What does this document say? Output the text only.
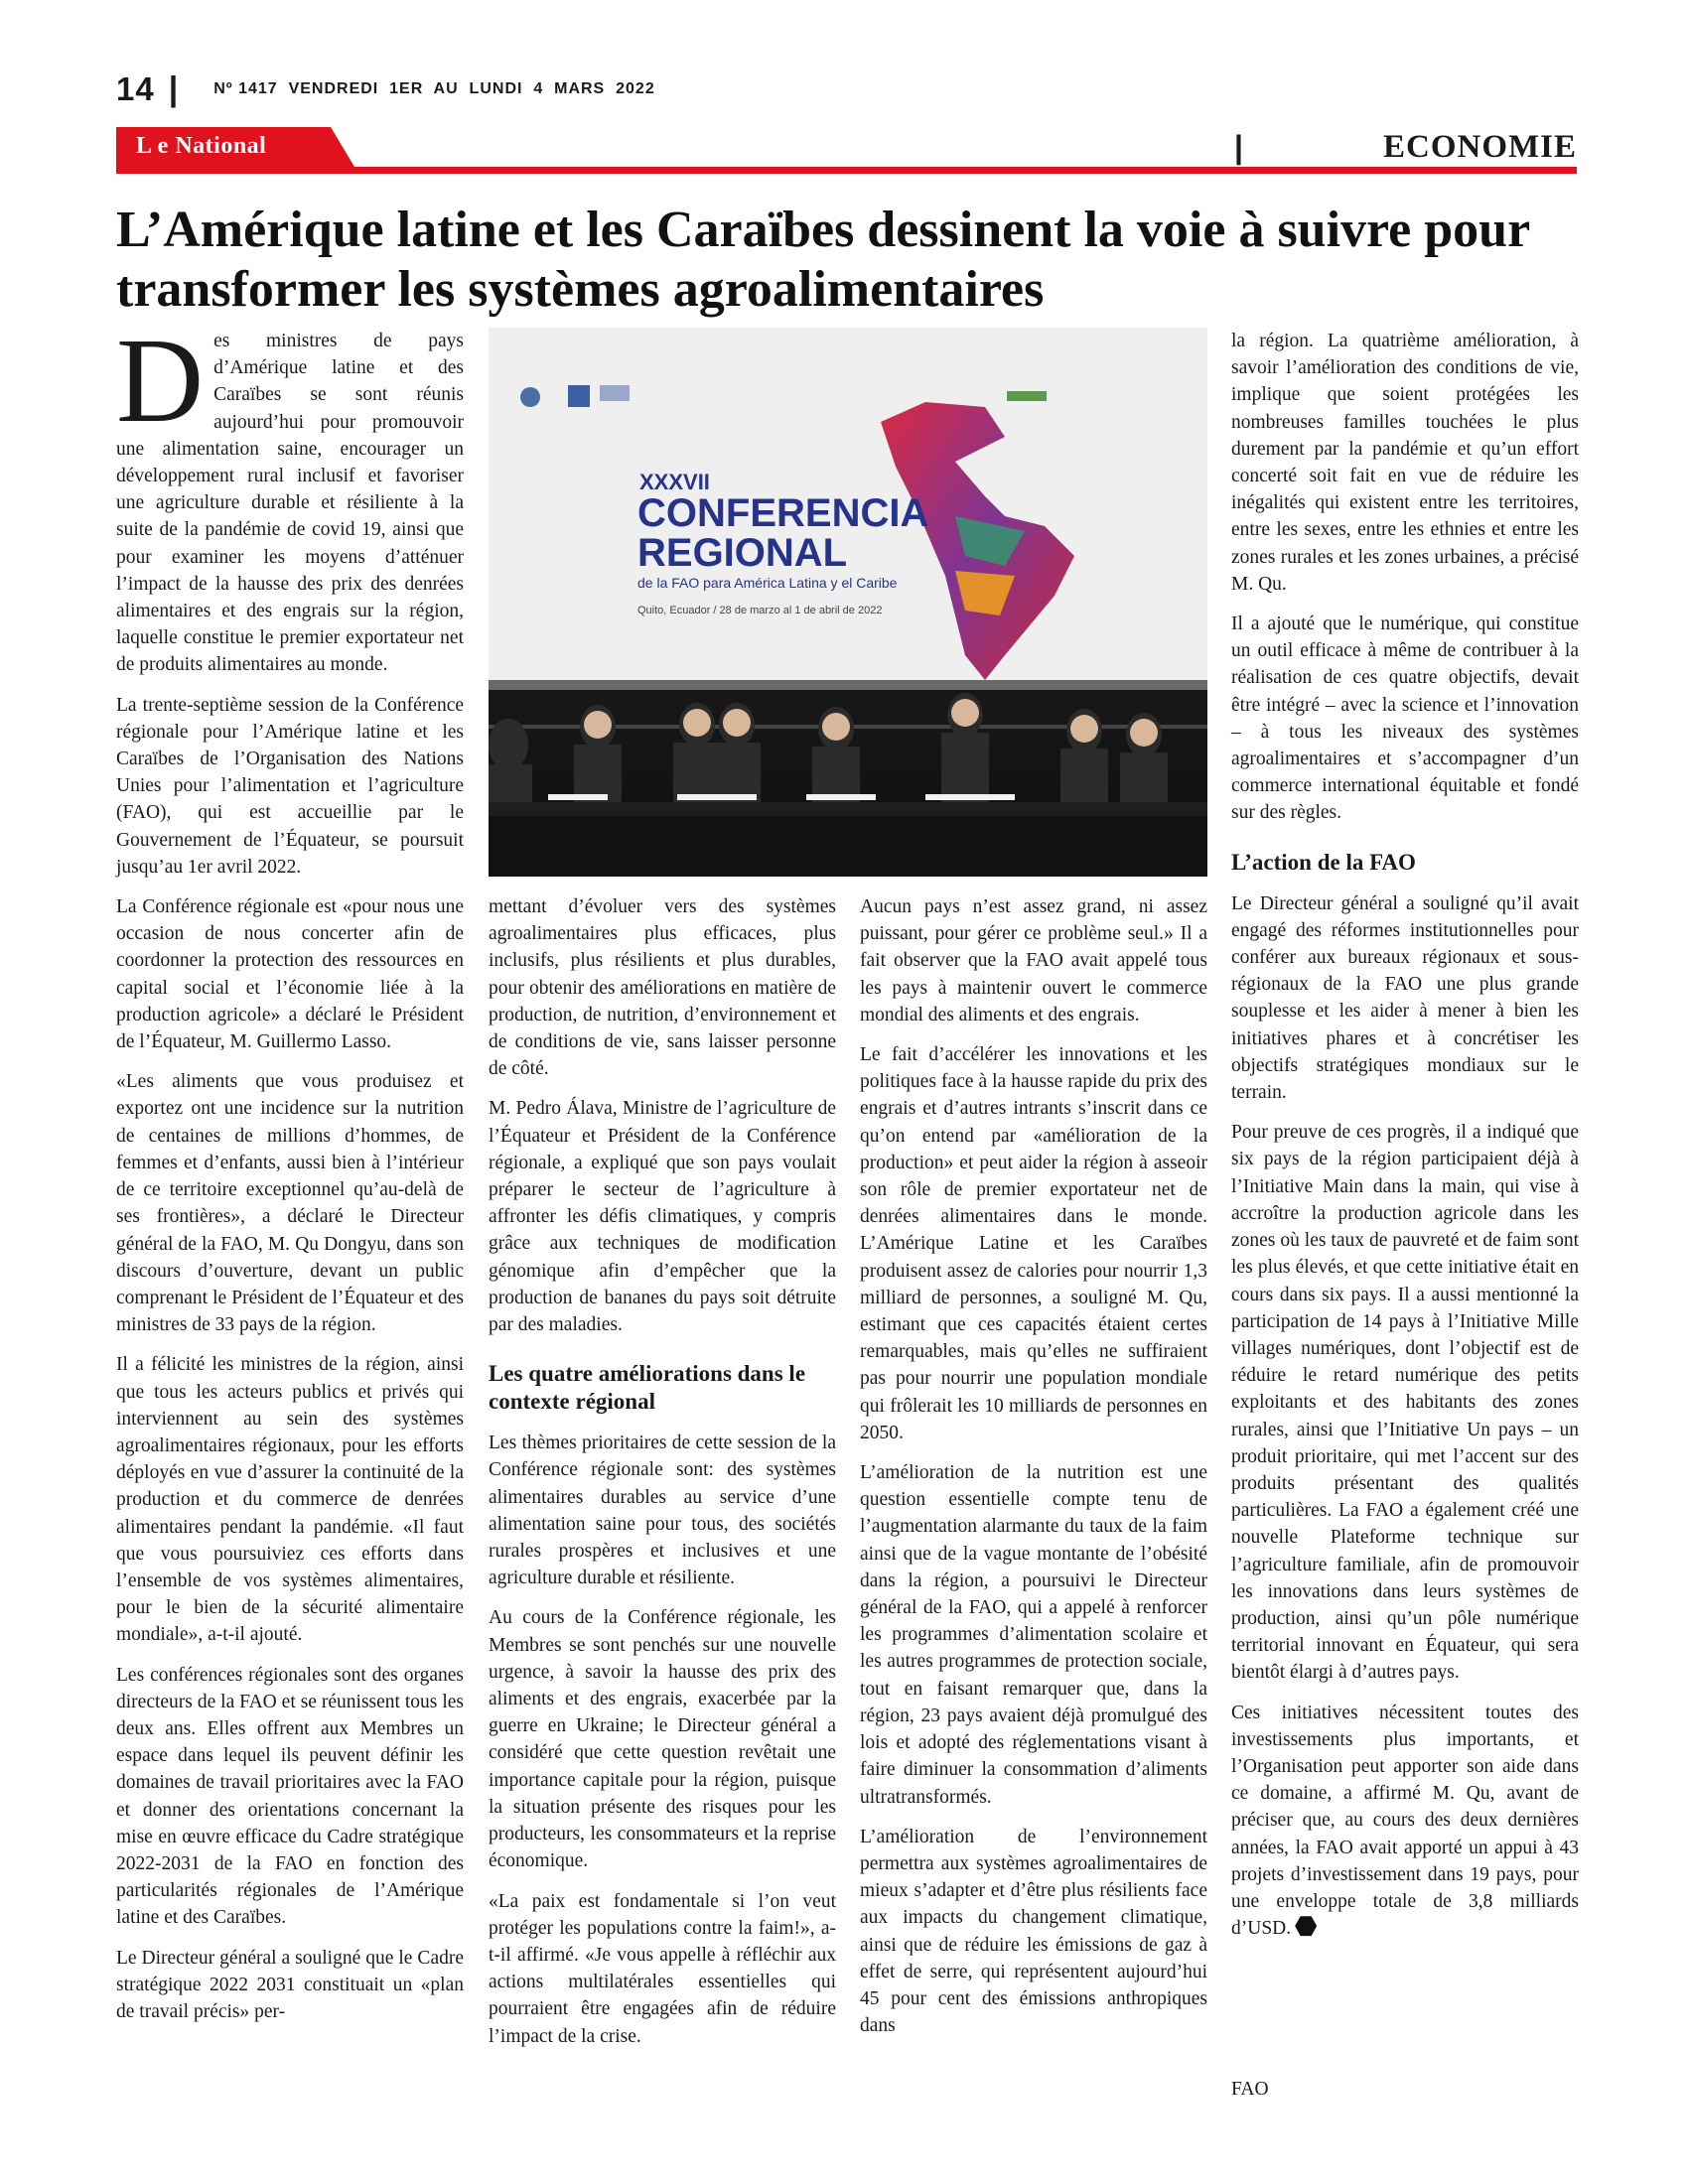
14 | Nº 1417  VENDREDI  1ER  AU  LUNDI  4  MARS  2022
L e National	|	ECONOMIE
L’Amérique latine et les Caraïbes dessinent la voie à suivre pour transformer les systèmes agroalimentaires

Des ministres de pays d’Amérique latine et des Caraïbes se sont réunis aujourd’hui pour promouvoir une alimentation saine, encourager un développement rural inclusif et favoriser une agriculture durable et résiliente à la suite de la pandémie de covid 19, ainsi que pour examiner les moyens d’atténuer l’impact de la hausse des prix des denrées alimentaires et des engrais sur la région, laquelle constitue le premier exportateur net de produits alimentaires au monde.

La trente-septième session de la Conférence régionale pour l’Amérique latine et les Caraïbes de l’Organisation des Nations Unies pour l’alimentation et l’agriculture (FAO), qui est accueillie par le Gouvernement de l’Équateur, se poursuit jusqu’au 1er avril 2022.

La Conférence régionale est «pour nous une occasion de nous concerter afin de coordonner la protection des ressources en capital social et l’économie liée à la production agricole» a déclaré le Président de l’Équateur, M. Guillermo Lasso.

«Les aliments que vous produisez et exportez ont une incidence sur la nutrition de centaines de millions d’hommes, de femmes et d’enfants, aussi bien à l’intérieur de ce territoire exceptionnel qu’au-delà de ses frontières», a déclaré le Directeur général de la FAO, M. Qu Dongyu, dans son discours d’ouverture, devant un public comprenant le Président de l’Équateur et des ministres de 33 pays de la région.

Il a félicité les ministres de la région, ainsi que tous les acteurs publics et privés qui interviennent au sein des systèmes agroalimentaires régionaux, pour les efforts déployés en vue d’assurer la continuité de la production et du commerce de denrées alimentaires pendant la pandémie. «Il faut que vous poursuiviez ces efforts dans l’ensemble de vos systèmes alimentaires, pour le bien de la sécurité alimentaire mondiale», a-t-il ajouté.

Les conférences régionales sont des organes directeurs de la FAO et se réunissent tous les deux ans. Elles offrent aux Membres un espace dans lequel ils peuvent définir les domaines de travail prioritaires avec la FAO et donner des orientations concernant la mise en œuvre efficace du Cadre stratégique 2022-2031 de la FAO en fonction des particularités régionales de l’Amérique latine et des Caraïbes.

Le Directeur général a souligné que le Cadre stratégique 2022 2031 constituait un «plan de travail précis» per-

XXXVII
CONFERENCIA
REGIONAL
de la FAO para América Latina y el Caribe
Quito, Ecuador / 28 de marzo al 1 de abril de 2022

mettant d’évoluer vers des systèmes agroalimentaires plus efficaces, plus inclusifs, plus résilients et plus durables, pour obtenir des améliorations en matière de production, de nutrition, d’environnement et de conditions de vie, sans laisser personne de côté.

M. Pedro Álava, Ministre de l’agriculture de l’Équateur et Président de la Conférence régionale, a expliqué que son pays voulait préparer le secteur de l’agriculture à affronter les défis climatiques, y compris grâce aux techniques de modification génomique afin d’empêcher que la production de bananes du pays soit détruite par des maladies.

Les quatre améliorations dans le contexte régional

Les thèmes prioritaires de cette session de la Conférence régionale sont: des systèmes alimentaires durables au service d’une alimentation saine pour tous, des sociétés rurales prospères et inclusives et une agriculture durable et résiliente.

Au cours de la Conférence régionale, les Membres se sont penchés sur une nouvelle urgence, à savoir la hausse des prix des aliments et des engrais, exacerbée par la guerre en Ukraine; le Directeur général a considéré que cette question revêtait une importance capitale pour la région, puisque la situation présente des risques pour les producteurs, les consommateurs et la reprise économique.

«La paix est fondamentale si l’on veut protéger les populations contre la faim!», a-t-il affirmé. «Je vous appelle à réfléchir aux actions multilatérales essentielles qui pourraient être engagées afin de réduire l’impact de la crise.

Aucun pays n’est assez grand, ni assez puissant, pour gérer ce problème seul.» Il a fait observer que la FAO avait appelé tous les pays à maintenir ouvert le commerce mondial des aliments et des engrais.

Le fait d’accélérer les innovations et les politiques face à la hausse rapide du prix des engrais et d’autres intrants s’inscrit dans ce qu’on entend par «amélioration de la production» et peut aider la région à asseoir son rôle de premier exportateur net de denrées alimentaires dans le monde. L’Amérique Latine et les Caraïbes produisent assez de calories pour nourrir 1,3 milliard de personnes, a souligné M. Qu, estimant que ces capacités étaient certes remarquables, mais qu’elles ne suffiraient pas pour nourrir une population mondiale qui frôlerait les 10 milliards de personnes en 2050.

L’amélioration de la nutrition est une question essentielle compte tenu de l’augmentation alarmante du taux de la faim ainsi que de la vague montante de l’obésité dans la région, a poursuivi le Directeur général de la FAO, qui a appelé à renforcer les programmes d’alimentation scolaire et les autres programmes de protection sociale, tout en faisant remarquer que, dans la région, 23 pays avaient déjà promulgué des lois et adopté des réglementations visant à faire diminuer la consommation d’aliments ultratransformés.

L’amélioration de l’environnement permettra aux systèmes agroalimentaires de mieux s’adapter et d’être plus résilients face aux impacts du changement climatique, ainsi que de réduire les émissions de gaz à effet de serre, qui représentent aujourd’hui 45 pour cent des émissions anthropiques dans

la région. La quatrième amélioration, à savoir l’amélioration des conditions de vie, implique que soient protégées les nombreuses familles touchées le plus durement par la pandémie et qu’un effort concerté soit fait en vue de réduire les inégalités qui existent entre les territoires, entre les sexes, entre les ethnies et entre les zones rurales et les zones urbaines, a précisé M. Qu.

Il a ajouté que le numérique, qui constitue un outil efficace à même de contribuer à la réalisation de ces quatre objectifs, devait être intégré – avec la science et l’innovation – à tous les niveaux des systèmes agroalimentaires et s’accompagner d’un commerce international équitable et fondé sur des règles.

L’action de la FAO

Le Directeur général a souligné qu’il avait engagé des réformes institutionnelles pour conférer aux bureaux régionaux et sous-régionaux de la FAO une plus grande souplesse et les aider à mener à bien les initiatives phares et à concrétiser les objectifs stratégiques mondiaux sur le terrain.

Pour preuve de ces progrès, il a indiqué que six pays de la région participaient déjà à l’Initiative Main dans la main, qui vise à accroître la production agricole dans les zones où les taux de pauvreté et de faim sont les plus élevés, et que cette initiative était en cours dans six pays. Il a aussi mentionné la participation de 14 pays à l’Initiative Mille villages numériques, dont l’objectif est de réduire le retard numérique des petits exploitants et des habitants des zones rurales, ainsi que l’Initiative Un pays – un produit prioritaire, qui met l’accent sur des produits présentant des qualités particulières. La FAO a également créé une nouvelle Plateforme technique sur l’agriculture familiale, afin de promouvoir les innovations dans leurs systèmes de production, ainsi qu’un pôle numérique territorial innovant en Équateur, qui sera bientôt élargi à d’autres pays.

Ces initiatives nécessitent toutes des investissements plus importants, et l’Organisation peut apporter son aide dans ce domaine, a affirmé M. Qu, avant de préciser que, au cours des deux dernières années, la FAO avait apporté un appui à 43 projets d’investissement dans 19 pays, pour une enveloppe totale de 3,8 milliards d’USD.

FAO
